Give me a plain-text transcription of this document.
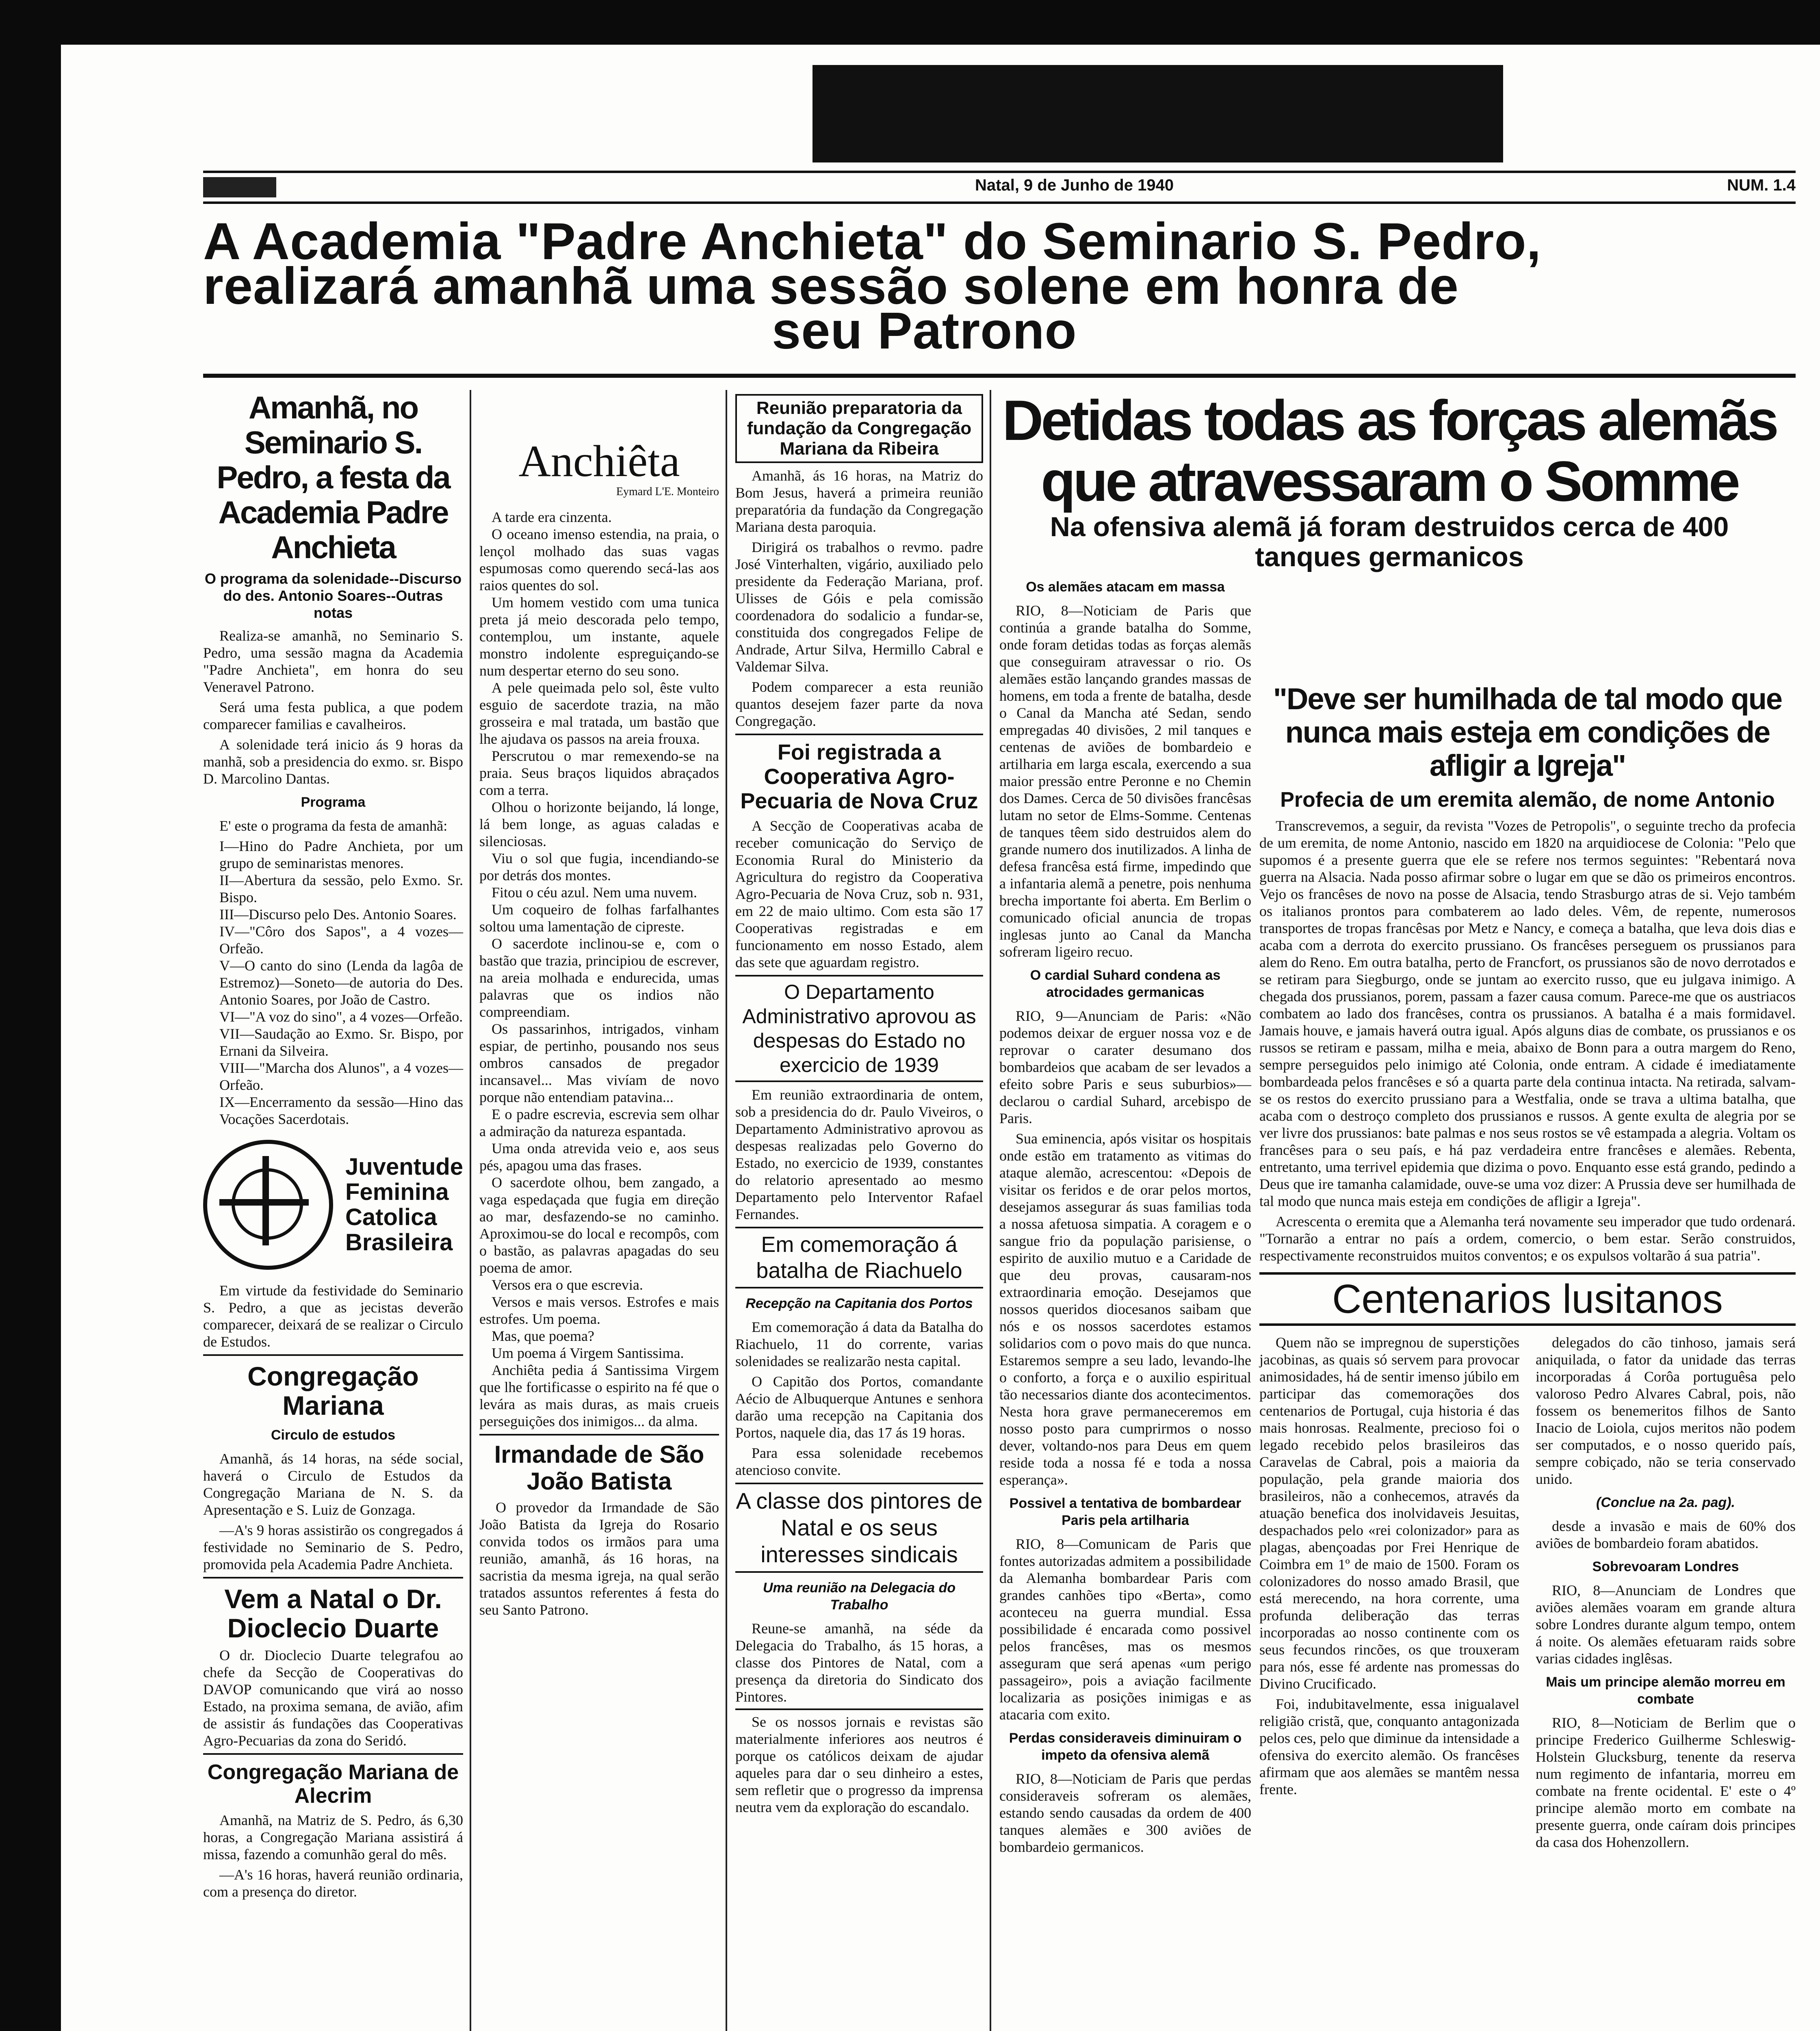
Natal, 9 de Junho de 1940	NUM. 1.4
A Academia "Padre Anchieta" do Seminario S. Pedro,
realizará amanhã uma sessão solene em honra de
seu Patrono
Amanhã, no Seminario S. Pedro, a festa da Academia Padre Anchieta
O programa da solenidade--Discurso do des. Antonio Soares--Outras notas

Realiza-se amanhã, no Seminario S. Pedro, uma sessão magna da Academia "Padre Anchieta", em honra do seu Veneravel Patrono.

Será uma festa publica, a que podem comparecer familias e cavalheiros.

A solenidade terá inicio ás 9 horas da manhã, sob a presidencia do exmo. sr. Bispo D. Marcolino Dantas.

Programa

E' este o programa da festa de amanhã:

I—Hino do Padre Anchieta, por um grupo de seminaristas menores.

II—Abertura da sessão, pelo Exmo. Sr. Bispo.

III—Discurso pelo Des. Antonio Soares.

IV—"Côro dos Sapos", a 4 vozes—Orfeão.

V—O canto do sino (Lenda da lagôa de Estremoz)—Soneto—de autoria do Des. Antonio Soares, por João de Castro.

VI—"A voz do sino", a 4 vozes—Orfeão.

VII—Saudação ao Exmo. Sr. Bispo, por Ernani da Silveira.

VIII—"Marcha dos Alunos", a 4 vozes—Orfeão.

IX—Encerramento da sessão—Hino das Vocações Sacerdotais.

Juventude Feminina Catolica Brasileira

Em virtude da festividade do Seminario S. Pedro, a que as jecistas deverão comparecer, deixará de se realizar o Circulo de Estudos.

Congregação Mariana
Circulo de estudos

Amanhã, ás 14 horas, na séde social, haverá o Circulo de Estudos da Congregação Mariana de N. S. da Apresentação e S. Luiz de Gonzaga.

—A's 9 horas assistirão os congregados á festividade no Seminario de S. Pedro, promovida pela Academia Padre Anchieta.

Vem a Natal o Dr. Dioclecio Duarte

O dr. Dioclecio Duarte telegrafou ao chefe da Secção de Cooperativas do DAVOP comunicando que virá ao nosso Estado, na proxima semana, de avião, afim de assistir ás fundações das Cooperativas Agro-Pecuarias da zona do Seridó.

Congregação Mariana de Alecrim

Amanhã, na Matriz de S. Pedro, ás 6,30 horas, a Congregação Mariana assistirá á missa, fazendo a comunhão geral do mês.

—A's 16 horas, haverá reunião ordinaria, com a presença do diretor.

Anchiêta
Eymard L'E. Monteiro

A tarde era cinzenta.

O oceano imenso estendia, na praia, o lençol molhado das suas vagas espumosas como querendo secá-las aos raios quentes do sol.

Um homem vestido com uma tunica preta já meio descorada pelo tempo, contemplou, um instante, aquele monstro indolente espreguiçando-se num despertar eterno do seu sono.

A pele queimada pelo sol, êste vulto esguio de sacerdote trazia, na mão grosseira e mal tratada, um bastão que lhe ajudava os passos na areia frouxa.

Perscrutou o mar remexendo-se na praia. Seus braços liquidos abraçados com a terra.

Olhou o horizonte beijando, lá longe, lá bem longe, as aguas caladas e silenciosas.

Viu o sol que fugia, incendiando-se por detrás dos montes.

Fitou o céu azul. Nem uma nuvem.

Um coqueiro de folhas farfalhantes soltou uma lamentação de cipreste.

O sacerdote inclinou-se e, com o bastão que trazia, principiou de escrever, na areia molhada e endurecida, umas palavras que os indios não compreendiam.

Os passarinhos, intrigados, vinham espiar, de pertinho, pousando nos seus ombros cansados de pregador incansavel... Mas vivíam de novo porque não entendiam patavina...

E o padre escrevia, escrevia sem olhar a admiração da natureza espantada.

Uma onda atrevida veio e, aos seus pés, apagou uma das frases.

O sacerdote olhou, bem zangado, a vaga espedaçada que fugia em direção ao mar, desfazendo-se no caminho. Aproximou-se do local e recompôs, com o bastão, as palavras apagadas do seu poema de amor.

Versos era o que escrevia.

Versos e mais versos. Estrofes e mais estrofes. Um poema.

Mas, que poema?

Um poema á Virgem Santissima.

Anchiêta pedia á Santissima Virgem que lhe fortificasse o espirito na fé que o levára as mais duras, as mais crueis perseguições dos inimigos... da alma.

Irmandade de São João Batista

O provedor da Irmandade de São João Batista da Igreja do Rosario convida todos os irmãos para uma reunião, amanhã, ás 16 horas, na sacristia da mesma igreja, na qual serão tratados assuntos referentes á festa do seu Santo Patrono.

Reunião preparatoria da fundação da Congregação Mariana da Ribeira

Amanhã, ás 16 horas, na Matriz do Bom Jesus, haverá a primeira reunião preparatória da fundação da Congregação Mariana desta paroquia.

Dirigirá os trabalhos o revmo. padre José Vinterhalten, vigário, auxiliado pelo presidente da Federação Mariana, prof. Ulisses de Góis e pela comissão coordenadora do sodalicio a fundar-se, constituida dos congregados Felipe de Andrade, Artur Silva, Hermillo Cabral e Valdemar Silva.

Podem comparecer a esta reunião quantos desejem fazer parte da nova Congregação.

Foi registrada a Cooperativa Agro-Pecuaria de Nova Cruz

A Secção de Cooperativas acaba de receber comunicação do Serviço de Economia Rural do Ministerio da Agricultura do registro da Cooperativa Agro-Pecuaria de Nova Cruz, sob n. 931, em 22 de maio ultimo. Com esta são 17 Cooperativas registradas e em funcionamento em nosso Estado, alem das sete que aguardam registro.

O Departamento Administrativo aprovou as despesas do Estado no exercicio de 1939

Em reunião extraordinaria de ontem, sob a presidencia do dr. Paulo Viveiros, o Departamento Administrativo aprovou as despesas realizadas pelo Governo do Estado, no exercicio de 1939, constantes do relatorio apresentado ao mesmo Departamento pelo Interventor Rafael Fernandes.

Em comemoração á batalha de Riachuelo
Recepção na Capitania dos Portos

Em comemoração á data da Batalha do Riachuelo, 11 do corrente, varias solenidades se realizarão nesta capital.

O Capitão dos Portos, comandante Aécio de Albuquerque Antunes e senhora darão uma recepção na Capitania dos Portos, naquele dia, das 17 ás 19 horas.

Para essa solenidade recebemos atencioso convite.

A classe dos pintores de Natal e os seus interesses sindicais
Uma reunião na Delegacia do Trabalho

Reune-se amanhã, na séde da Delegacia do Trabalho, ás 15 horas, a classe dos Pintores de Natal, com a presença da diretoria do Sindicato dos Pintores.

Se os nossos jornais e revistas são materialmente inferiores aos neutros é porque os católicos deixam de ajudar aqueles para dar o seu dinheiro a estes, sem refletir que o progresso da imprensa neutra vem da exploração do escandalo.

Detidas todas as forças alemãs que atravessaram o Somme
Na ofensiva alemã já foram destruidos cerca de 400 tanques germanicos
Os alemães atacam em massa

RIO, 8—Noticiam de Paris que continúa a grande batalha do Somme, onde foram detidas todas as forças alemãs que conseguiram atravessar o rio. Os alemães estão lançando grandes massas de homens, em toda a frente de batalha, desde o Canal da Mancha até Sedan, sendo empregadas 40 divisões, 2 mil tanques e centenas de aviões de bombardeio e artilharia em larga escala, exercendo a sua maior pressão entre Peronne e no Chemin dos Dames. Cerca de 50 divisões francêsas lutam no setor de Elms-Somme. Centenas de tanques têem sido destruidos alem do grande numero dos inutilizados. A linha de defesa francêsa está firme, impedindo que a infantaria alemã a penetre, pois nenhuma brecha importante foi aberta. Em Berlim o comunicado oficial anuncia de tropas inglesas junto ao Canal da Mancha sofreram ligeiro recuo.

O cardial Suhard condena as atrocidades germanicas

RIO, 9—Anunciam de Paris: «Não podemos deixar de erguer nossa voz e de reprovar o carater desumano dos bombardeios que acabam de ser levados a efeito sobre Paris e seus suburbios»—declarou o cardial Suhard, arcebispo de Paris.

Sua eminencia, após visitar os hospitais onde estão em tratamento as vitimas do ataque alemão, acrescentou: «Depois de visitar os feridos e de orar pelos mortos, desejamos assegurar ás suas familias toda a nossa afetuosa simpatia. A coragem e o sangue frio da população parisiense, o espirito de auxilio mutuo e a Caridade de que deu provas, causaram-nos extraordinaria emoção. Desejamos que nossos queridos diocesanos saibam que nós e os nossos sacerdotes estamos solidarios com o povo mais do que nunca. Estaremos sempre a seu lado, levando-lhe o conforto, a força e o auxilio espiritual tão necessarios diante dos acontecimentos. Nesta hora grave permaneceremos em nosso posto para cumprirmos o nosso dever, voltando-nos para Deus em quem reside toda a nossa fé e toda a nossa esperança».

Possivel a tentativa de bombardear Paris pela artilharia

RIO, 8—Comunicam de Paris que fontes autorizadas admitem a possibilidade da Alemanha bombardear Paris com grandes canhões tipo «Berta», como aconteceu na guerra mundial. Essa possibilidade é encarada como possivel pelos francêses, mas os mesmos asseguram que será apenas «um perigo passageiro», pois a aviação facilmente localizaria as posições inimigas e as atacaria com exito.

Perdas consideraveis diminuiram o impeto da ofensiva alemã

RIO, 8—Noticiam de Paris que perdas consideraveis sofreram os alemães, estando sendo causadas da ordem de 400 tanques alemães e 300 aviões de bombardeio germanicos.

"Deve ser humilhada de tal modo que nunca mais esteja em condições de afligir a Igreja"
Profecia de um eremita alemão, de nome Antonio

Transcrevemos, a seguir, da revista "Vozes de Petropolis", o seguinte trecho da profecia de um eremita, de nome Antonio, nascido em 1820 na arquidiocese de Colonia: "Pelo que supomos é a presente guerra que ele se refere nos termos seguintes: "Rebentará nova guerra na Alsacia. Nada posso afirmar sobre o lugar em que se dão os primeiros encontros. Vejo os francêses de novo na posse de Alsacia, tendo Strasburgo atras de si. Vejo também os italianos prontos para combaterem ao lado deles. Vêm, de repente, numerosos transportes de tropas francêsas por Metz e Nancy, e começa a batalha, que leva dois dias e acaba com a derrota do exercito prussiano. Os francêses perseguem os prussianos para alem do Reno. Em outra batalha, perto de Francfort, os prussianos são de novo derrotados e se retiram para Siegburgo, onde se juntam ao exercito russo, que eu julgava inimigo. A chegada dos prussianos, porem, passam a fazer causa comum. Parece-me que os austriacos combatem ao lado dos francêses, contra os prussianos. A batalha é a mais formidavel. Jamais houve, e jamais haverá outra igual. Após alguns dias de combate, os prussianos e os russos se retiram e passam, milha e meia, abaixo de Bonn para a outra margem do Reno, sempre perseguidos pelo inimigo até Colonia, onde entram. A cidade é imediatamente bombardeada pelos francêses e só a quarta parte dela continua intacta. Na retirada, salvam-se os restos do exercito prussiano para a Westfalia, onde se trava a ultima batalha, que acaba com o destroço completo dos prussianos e russos. A gente exulta de alegria por se ver livre dos prussianos: bate palmas e nos seus rostos se vê estampada a alegria. Voltam os francêses para o seu país, e há paz verdadeira entre francêses e alemães. Rebenta, entretanto, uma terrivel epidemia que dizima o povo. Enquanto esse está grando, pedindo a Deus que ire tamanha calamidade, ouve-se uma voz dizer: A Prussia deve ser humilhada de tal modo que nunca mais esteja em condições de afligir a Igreja".

Acrescenta o eremita que a Alemanha terá novamente seu imperador que tudo ordenará. "Tornarão a entrar no país a ordem, comercio, o bem estar. Serão construidos, respectivamente reconstruidos muitos conventos; e os expulsos voltarão á sua patria".

Centenarios lusitanos

Quem não se impregnou de superstições jacobinas, as quais só servem para provocar animosidades, há de sentir imenso júbilo em participar das comemorações dos centenarios de Portugal, cuja historia é das mais honrosas. Realmente, precioso foi o legado recebido pelos brasileiros das Caravelas de Cabral, pois a maioria da população, pela grande maioria dos brasileiros, não a conhecemos, através da atuação benefica dos inolvidaveis Jesuitas, despachados pelo «rei colonizador» para as plagas, abençoadas por Frei Henrique de Coimbra em 1º de maio de 1500. Foram os colonizadores do nosso amado Brasil, que está merecendo, na hora corrente, uma profunda deliberação das terras incorporadas ao nosso continente com os seus fecundos rincões, os que trouxeram para nós, esse fé ardente nas promessas do Divino Crucificado.

Foi, indubitavelmente, essa inigualavel religião cristã, que, conquanto antagonizada pelos ces, pelo que diminue da intensidade a ofensiva do exercito alemão. Os francêses afirmam que aos alemães se mantêm nessa frente.

delegados do cão tinhoso, jamais será aniquilada, o fator da unidade das terras incorporadas á Corôa portuguêsa pelo valoroso Pedro Alvares Cabral, pois, não fossem os benemeritos filhos de Santo Inacio de Loiola, cujos meritos não podem ser computados, e o nosso querido país, sempre cobiçado, não se teria conservado unido.

(Conclue na 2a. pag).

desde a invasão e mais de 60% dos aviões de bombardeio foram abatidos.

Sobrevoaram Londres

RIO, 8—Anunciam de Londres que aviões alemães voaram em grande altura sobre Londres durante algum tempo, ontem á noite. Os alemães efetuaram raids sobre varias cidades inglêsas.

Mais um principe alemão morreu em combate

RIO, 8—Noticiam de Berlim que o principe Frederico Guilherme Schleswig-Holstein Glucksburg, tenente da reserva num regimento de infantaria, morreu em combate na frente ocidental. E' este o 4º principe alemão morto em combate na presente guerra, onde caíram dois principes da casa dos Hohenzollern.
